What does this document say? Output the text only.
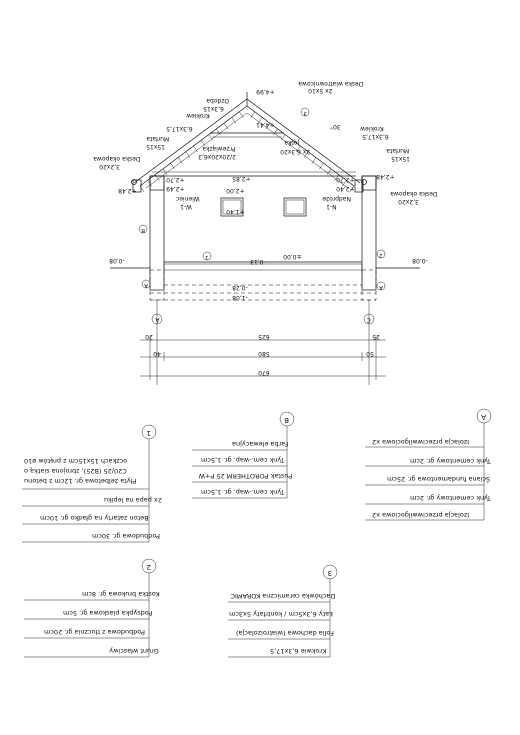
Deska wiatrownicowa
2x 5x10
Ozdoba
6,3x15
Krokiew
6,3x17,5
Jętka
2x 6,3x20
Krokiew
6,3x17,5
Murłata
15x15	Przewiązka
2/20x20x6,3
Murłata
15x15
Deska okapowa
3,2x20
Deska okapowa
3,2x20
Wieniec
W-1
Nadproże
N-1
30°
3
1	2
B
A	A
+4,99
+4,41
+2,85
+2,70
+2,49
+2,48
+2,70
+2,40
+2,48
+2,00
+1,40
±0,00
-0,13
-0,08	-0,08
-0,28
-1,08
A	C
20	625	25
40	580	50
670
A
Izolacja przeciwwilgociowa x2
Tynk cementowy gr. 2cm
Ściana fundamentowa gr. 25cm
Tynk cementowy gr. 2cm
Izolacja przeciwwilgociowa x2
B
Farba elewacyjna
Tynk cem.-wap. gr. 1,5cm
Pustak POROTHERM 25 P+W
Tynk cem.-wap. gr. 1,5cm
1
Płyta żelbetowa gr. 12cm z betonu C20/25 (B25), zbrojona siatką o oczkach 15x15cm z prętów ø10
2x papa na lepiku
Beton zatarty na gładko gr. 10cm
Podbudowa gr. 30cm
3
Dachówka ceramiczna KORAMIC
Łaty 6,3x5cm / kontrłaty 5x3cm
Folia dachowa (wiatroizolacja)
Krokwie 6,3x17,5
2
Kostka brukowa gr. 8cm
Podsypka piaskowa gr. 5cm
Podbudowa z tłucznia gr. 20cm
Grunt własciwy
